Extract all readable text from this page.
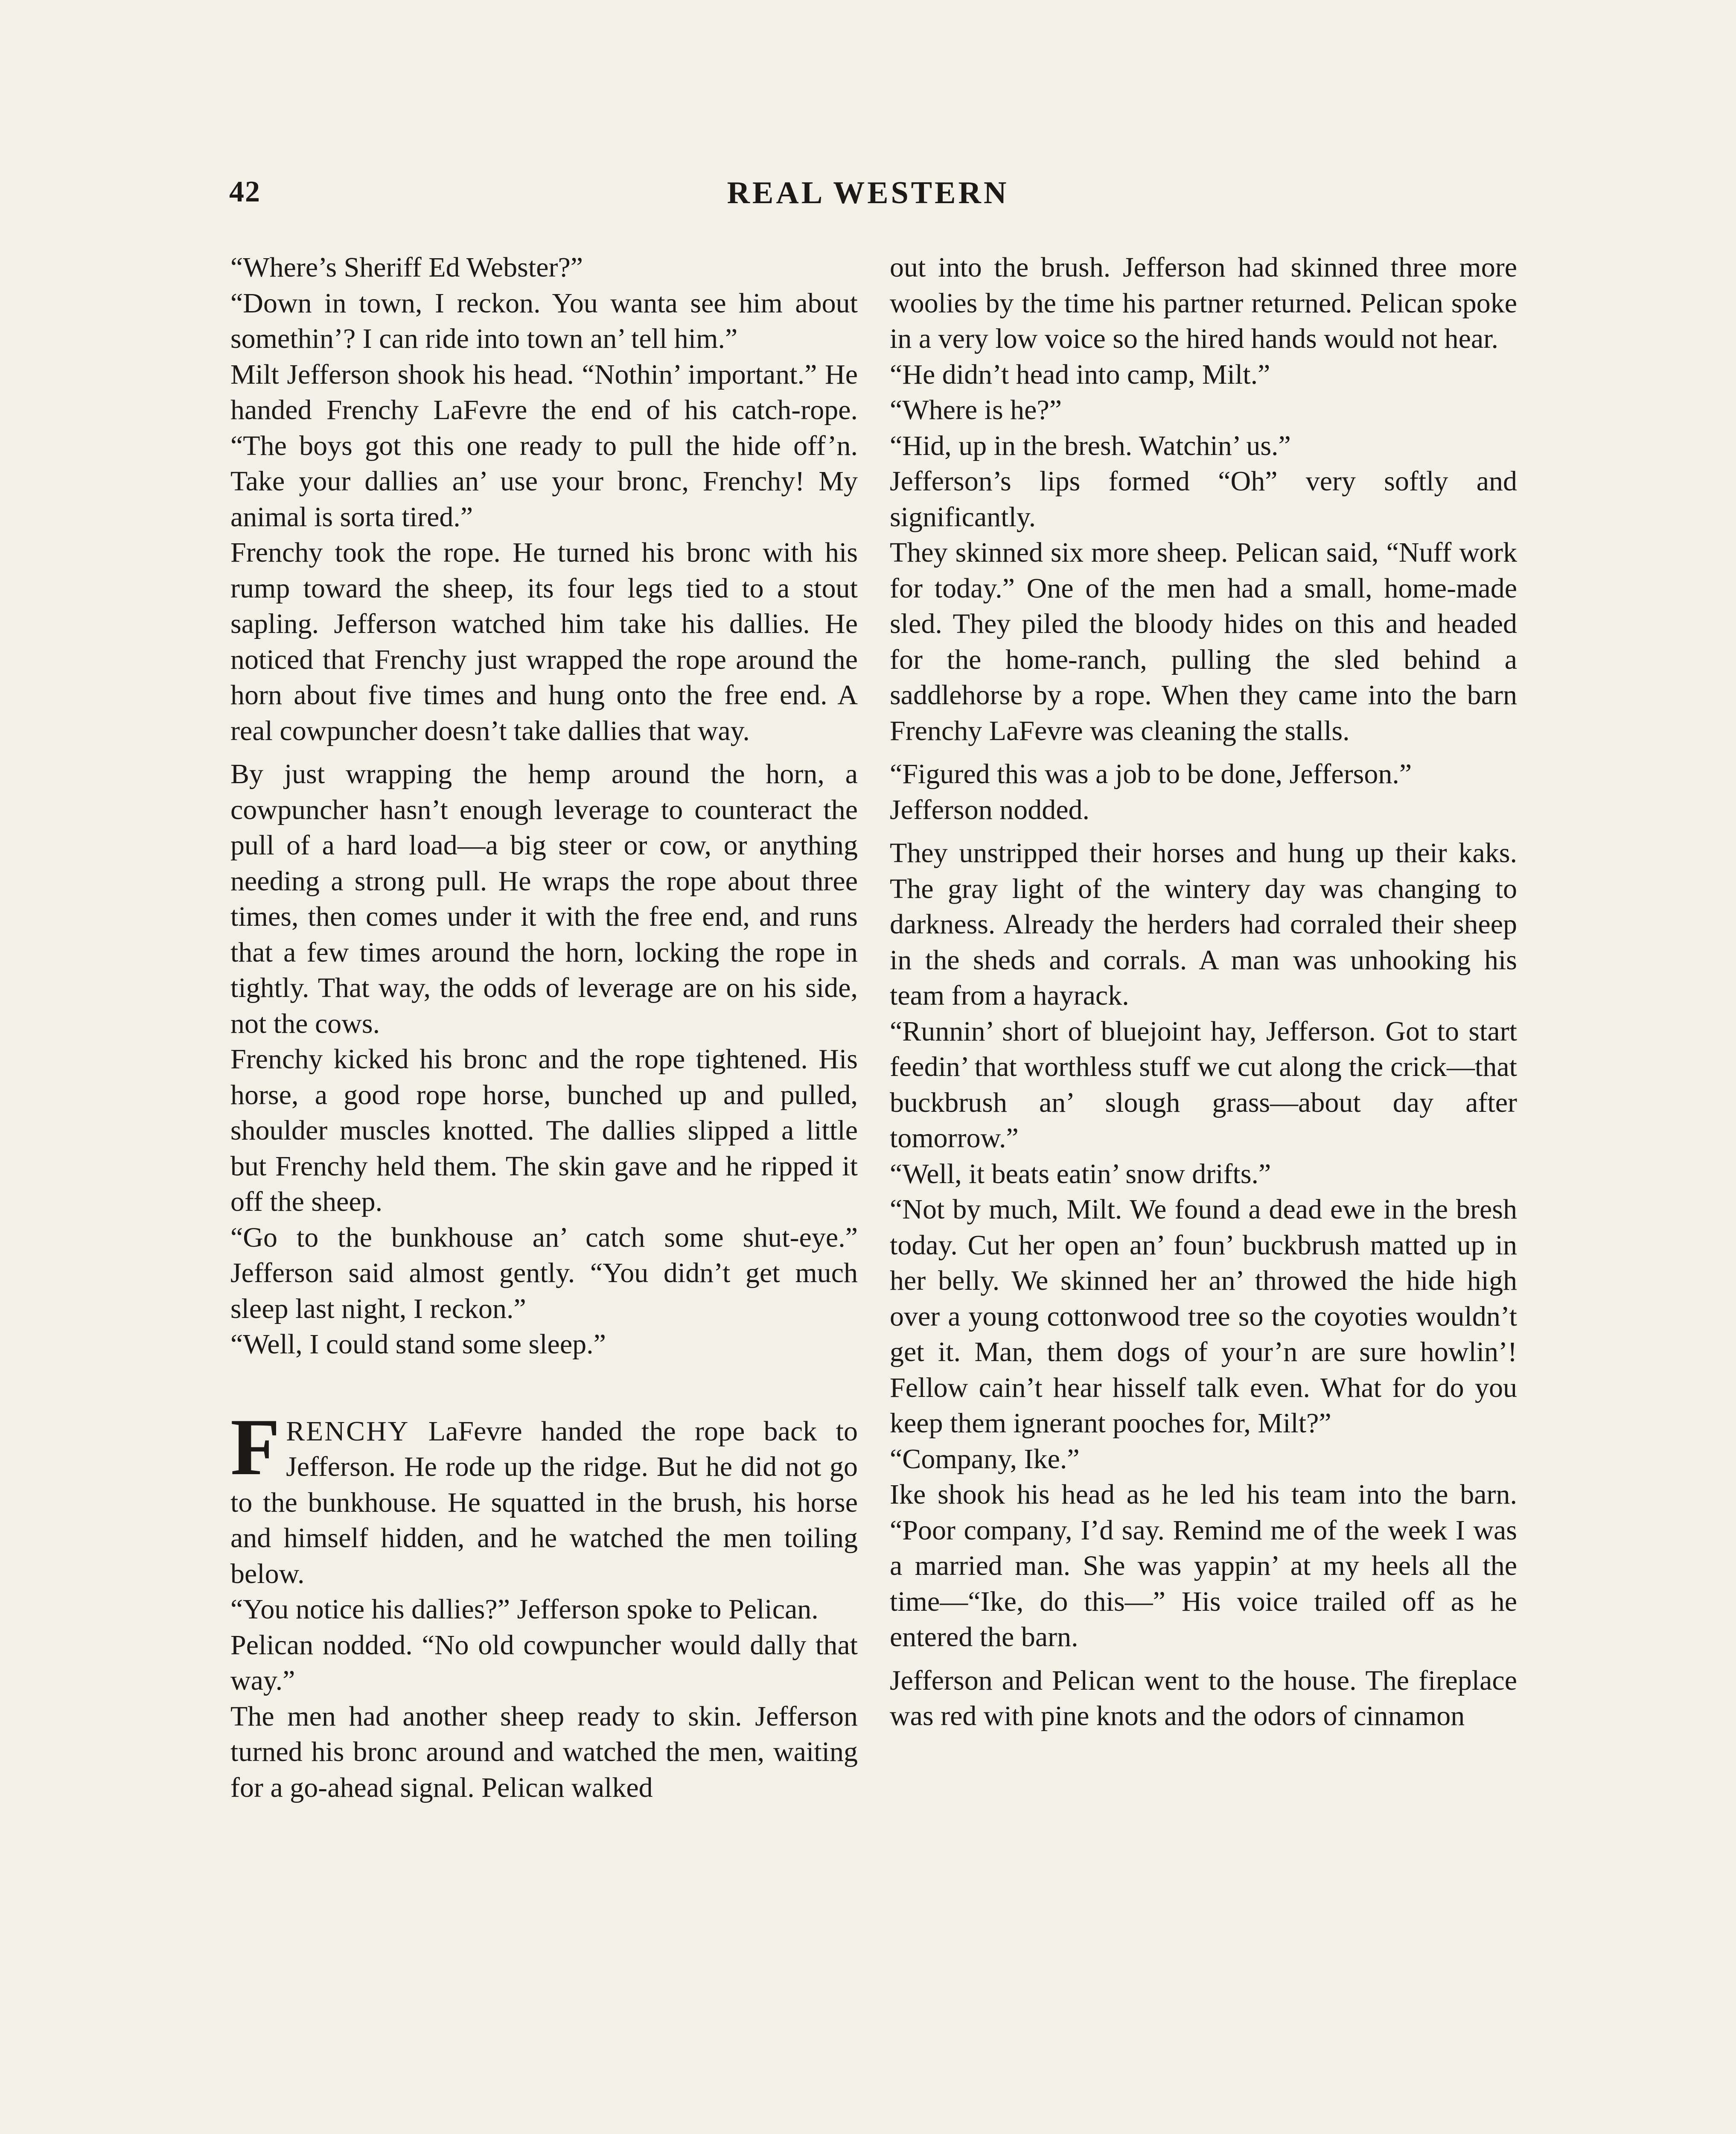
42	REAL WESTERN

“Where’s Sheriff Ed Webster?”

“Down in town, I reckon. You wanta see him about somethin’? I can ride into town an’ tell him.”

Milt Jefferson shook his head. “Nothin’ important.” He handed Frenchy LaFevre the end of his catch-rope. “The boys got this one ready to pull the hide off’n. Take your dallies an’ use your bronc, Frenchy! My animal is sorta tired.”

Frenchy took the rope. He turned his bronc with his rump toward the sheep, its four legs tied to a stout sapling. Jefferson watched him take his dallies. He noticed that Frenchy just wrapped the rope around the horn about five times and hung onto the free end. A real cowpuncher doesn’t take dallies that way.

By just wrapping the hemp around the horn, a cowpuncher hasn’t enough leverage to counteract the pull of a hard load—a big steer or cow, or anything needing a strong pull. He wraps the rope about three times, then comes under it with the free end, and runs that a few times around the horn, locking the rope in tightly. That way, the odds of leverage are on his side, not the cows.

Frenchy kicked his bronc and the rope tightened. His horse, a good rope horse, bunched up and pulled, shoulder muscles knotted. The dallies slipped a little but Frenchy held them. The skin gave and he ripped it off the sheep.

“Go to the bunkhouse an’ catch some shut-eye.” Jefferson said almost gently. “You didn’t get much sleep last night, I reckon.”

“Well, I could stand some sleep.”

FRENCHY LaFevre handed the rope back to Jefferson. He rode up the ridge. But he did not go to the bunkhouse. He squatted in the brush, his horse and himself hidden, and he watched the men toiling below.

“You notice his dallies?” Jefferson spoke to Pelican.

Pelican nodded. “No old cowpuncher would dally that way.”

The men had another sheep ready to skin. Jefferson turned his bronc around and watched the men, waiting for a go-ahead signal. Pelican walked

out into the brush. Jefferson had skinned three more woolies by the time his partner returned. Pelican spoke in a very low voice so the hired hands would not hear.

“He didn’t head into camp, Milt.”

“Where is he?”

“Hid, up in the bresh. Watchin’ us.”

Jefferson’s lips formed “Oh” very softly and significantly.

They skinned six more sheep. Pelican said, “Nuff work for today.” One of the men had a small, home-made sled. They piled the bloody hides on this and headed for the home-ranch, pulling the sled behind a saddlehorse by a rope. When they came into the barn Frenchy LaFevre was cleaning the stalls.

“Figured this was a job to be done, Jefferson.”

Jefferson nodded.

They unstripped their horses and hung up their kaks. The gray light of the wintery day was changing to darkness. Already the herders had corraled their sheep in the sheds and corrals. A man was unhooking his team from a hayrack.

“Runnin’ short of bluejoint hay, Jefferson. Got to start feedin’ that worthless stuff we cut along the crick—that buckbrush an’ slough grass—about day after tomorrow.”

“Well, it beats eatin’ snow drifts.”

“Not by much, Milt. We found a dead ewe in the bresh today. Cut her open an’ foun’ buckbrush matted up in her belly. We skinned her an’ throwed the hide high over a young cottonwood tree so the coyoties wouldn’t get it. Man, them dogs of your’n are sure howlin’! Fellow cain’t hear hisself talk even. What for do you keep them ignerant pooches for, Milt?”

“Company, Ike.”

Ike shook his head as he led his team into the barn. “Poor company, I’d say. Remind me of the week I was a married man. She was yappin’ at my heels all the time—“Ike, do this—” His voice trailed off as he entered the barn.

Jefferson and Pelican went to the house. The fireplace was red with pine knots and the odors of cinnamon
